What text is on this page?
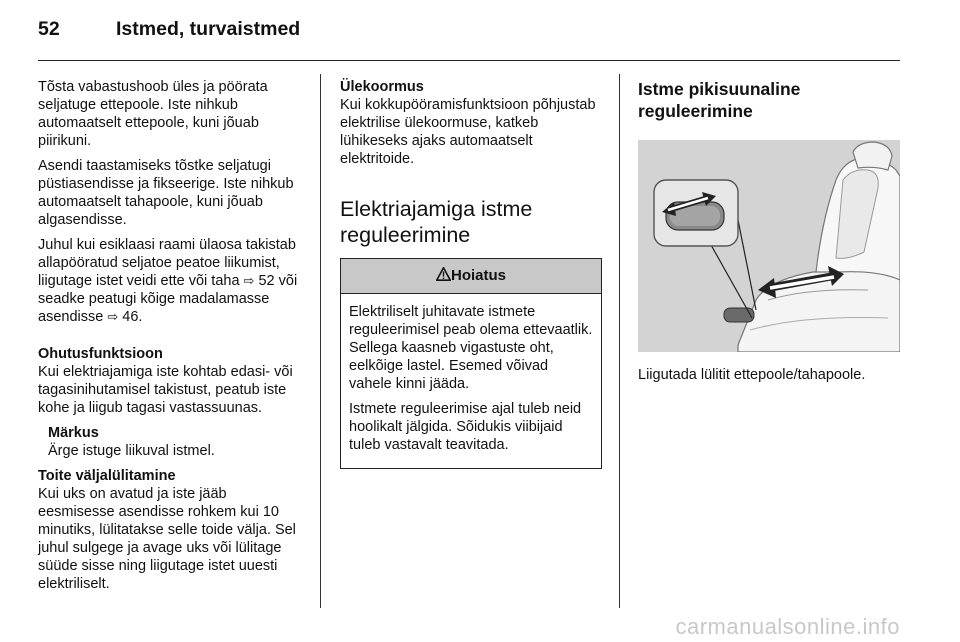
52	Istmed, turvaistmed

Tõsta vabastushoob üles ja pöörata seljatuge ettepoole. Iste nihkub automaatselt ettepoole, kuni jõuab piirikuni.

Asendi taastamiseks tõstke seljatugi püstiasendisse ja fikseerige. Iste nihkub automaatselt tahapoole, kuni jõuab algasendisse.

Juhul kui esiklaasi raami ülaosa takistab allapööratud seljatoe peatoe liikumist, liigutage istet veidi ette või taha ⇨ 52 või seadke peatugi kõige madalamasse asendisse ⇨ 46.

Ohutusfunktsioon

Kui elektriajamiga iste kohtab edasi- või tagasinihutamisel takistust, peatub iste kohe ja liigub tagasi vastassuunas.

Märkus
Ärge istuge liikuval istmel.

Toite väljalülitamine

Kui uks on avatud ja iste jääb eesmisesse asendisse rohkem kui 10 minutiks, lülitatakse selle toide välja. Sel juhul sulgege ja avage uks või lülitage süüde sisse ning liigutage istet uuesti elektriliselt.

Ülekoormus

Kui kokkupööramisfunktsioon põhjustab elektrilise ülekoormuse, katkeb lühikeseks ajaks automaatselt elektritoide.

Elektriajamiga istme reguleerimine
Hoiatus

Elektriliselt juhitavate istmete reguleerimisel peab olema ettevaatlik. Sellega kaasneb vigastuste oht, eelkõige lastel. Esemed võivad vahele kinni jääda.

Istmete reguleerimise ajal tuleb neid hoolikalt jälgida. Sõidukis viibijaid tuleb vastavalt teavitada.

Istme pikisuunaline reguleerimine

Liigutada lülitit ettepoole/tahapoole.

carmanualsonline.info
